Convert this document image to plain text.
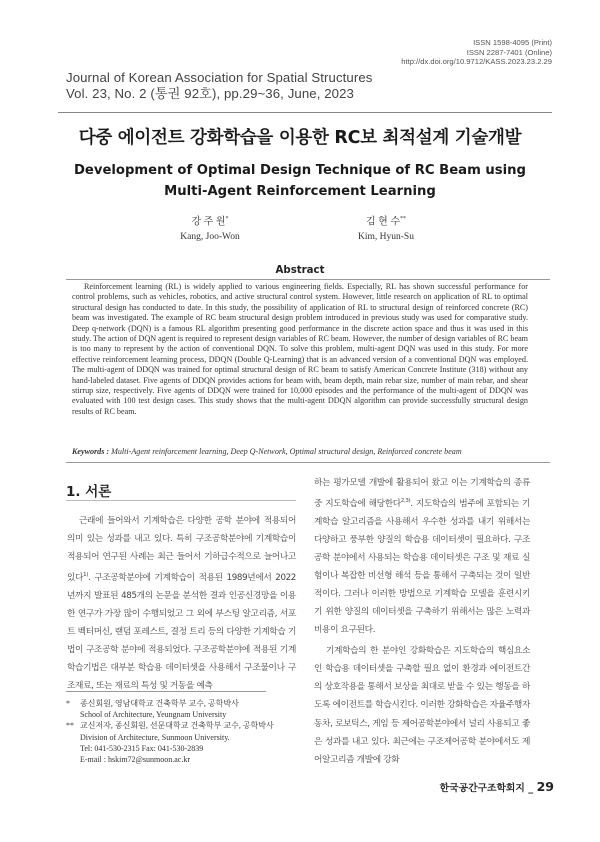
ISSN 1598-4095 (Print)
ISSN 2287-7401 (Online)
http://dx.doi.org/10.9712/KASS.2023.23.2.29
Journal of Korean Association for Spatial Structures
Vol. 23, No. 2 (통권 92호), pp.29~36, June, 2023
다중 에이전트 강화학습을 이용한 RC보 최적설계 기술개발
Development of Optimal Design Technique of RC Beam using
Multi-Agent Reinforcement Learning
강 주 원*
Kang, Joo-Won
김 현 수**
Kim, Hyun-Su
Abstract

Reinforcement learning (RL) is widely applied to various engineering fields. Especially, RL has shown successful performance for control problems, such as vehicles, robotics, and active structural control system. However, little research on application of RL to optimal structural design has conducted to date. In this study, the possibility of application of RL to structural design of reinforced concrete (RC) beam was investigated. The example of RC beam structural design problem introduced in previous study was used for comparative study. Deep q-network (DQN) is a famous RL algorithm presenting good performance in the discrete action space and thus it was used in this study. The action of DQN agent is required to represent design variables of RC beam. However, the number of design variables of RC beam is too many to represent by the action of conventional DQN. To solve this problem, multi-agent DQN was used in this study. For more effective reinforcement learning process, DDQN (Double Q-Learning) that is an advanced version of a conventional DQN was employed. The multi-agent of DDQN was trained for optimal structural design of RC beam to satisfy American Concrete Institute (318) without any hand-labeled dataset. Five agents of DDQN provides actions for beam with, beam depth, main rebar size, number of main rebar, and shear stirrup size, respectively. Five agents of DDQN were trained for 10,000 episodes and the performance of the multi-agent of DDQN was evaluated with 100 test design cases. This study shows that the multi-agent DDQN algorithm can provide successfully structural design results of RC beam.

Keywords : Multi-Agent reinforcement learning, Deep Q-Network, Optimal structural design, Reinforced concrete beam
1. 서론

근래에 들어와서 기계학습은 다양한 공학 분야에 적용되어 의미 있는 성과를 내고 있다. 특히 구조공학분야에 기계학습이 적용되어 연구된 사례는 최근 들어서 기하급수적으로 늘어나고 있다$^{1)}$. 구조공학분야에 기계학습이 적용된 1989년에서 2022년까지 발표된 485개의 논문을 분석한 결과 인공신경망을 이용한 연구가 가장 많이 수행되었고 그 외에 부스팅 알고리즘, 서포트 벡터머신, 랜덤 포레스트, 결정 트리 등의 다양한 기계학습 기법이 구조공학 분야에 적용되었다. 구조공학분야에 적용된 기계학습기법은 대부분 학습용 데이터셋을 사용해서 구조물이나 구조재료, 또는 재료의 특성 및 거동을 예측

하는 평가모델 개발에 활용되어 왔고 이는 기계학습의 종류 중 지도학습에 해당한다$^{2,3)}$. 지도학습의 범주에 포함되는 기계학습 알고리즘을 사용해서 우수한 성과를 내기 위해서는 다양하고 풍부한 양질의 학습용 데이터셋이 필요하다. 구조공학 분야에서 사용되는 학습용 데이터셋은 구조 및 재료 실험이나 복잡한 비선형 해석 등을 통해서 구축되는 것이 일반 적이다. 그러나 이러한 방법으로 기계학습 모델을 훈련시키기 위한 양질의 데이터셋을 구축하기 위해서는 많은 노력과 비용이 요구된다.

기계학습의 한 분야인 강화학습은 지도학습의 핵심요소인 학습용 데이터셋을 구축할 필요 없이 환경과 에이전트간의 상호작용을 통해서 보상을 최대로 받을 수 있는 행동을 하도록 에이전트를 학습시킨다. 이러한 강화학습은 자율주행자동차, 로보틱스, 게임 등 제어공학분야에서 널리 사용되고 좋은 성과를 내고 있다. 최근에는 구조제어공학 분야에서도 제어알고리즘 개발에 강화

*	종신회원, 영남대학교 건축학부 교수, 공학박사
School of Architecture, Yeungnam University
** 교신저자, 종신회원, 선문대학교 건축학부 교수, 공학박사
Division of Architecture, Sunmoon University.
Tel: 041-530-2315 Fax: 041-530-2839
E-mail : hskim72@sunmoon.ac.kr
한국공간구조학회지 _ 29
